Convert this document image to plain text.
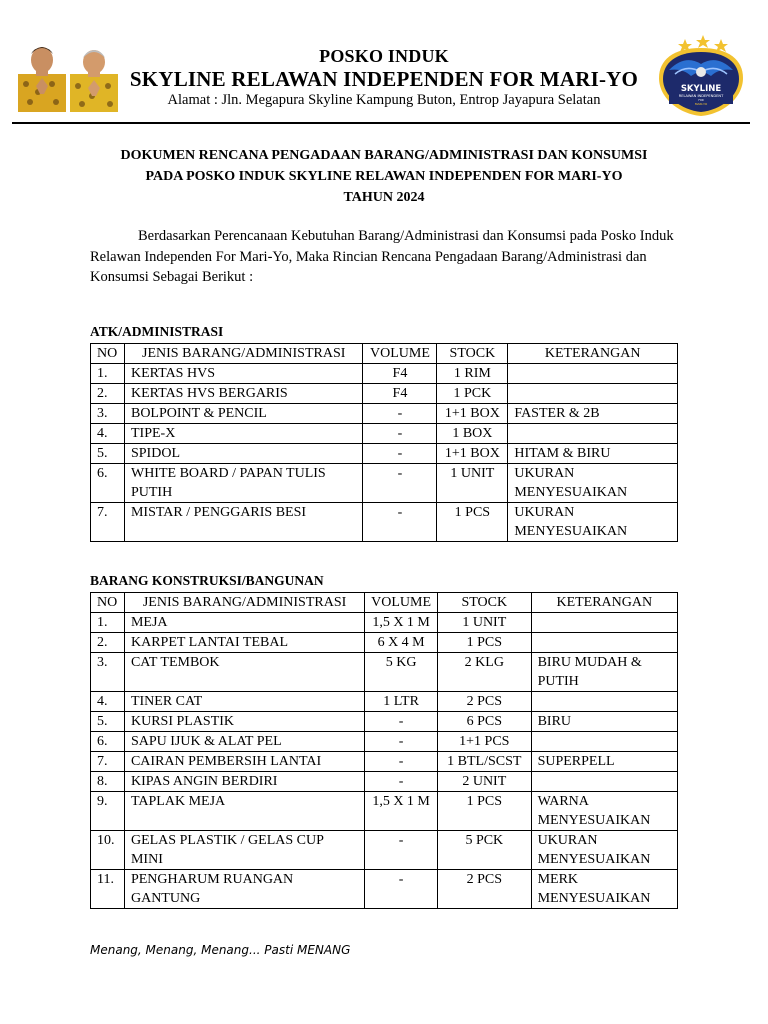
SKYLINE
RELAWAN INDEPENDENT
FOR
MARI-YO
POSKO INDUK
SKYLINE RELAWAN INDEPENDEN FOR MARI-YO
Alamat : Jln. Megapura Skyline Kampung Buton, Entrop Jayapura Selatan
DOKUMEN RENCANA PENGADAAN BARANG/ADMINISTRASI DAN KONSUMSI
PADA POSKO INDUK SKYLINE RELAWAN INDEPENDEN FOR MARI-YO
TAHUN 2024
Berdasarkan Perencanaan Kebutuhan Barang/Administrasi dan Konsumsi pada Posko Induk Relawan Independen For Mari-Yo, Maka Rincian Rencana Pengadaan Barang/Administrasi dan Konsumsi Sebagai Berikut :
ATK/ADMINISTRASI
NO	JENIS BARANG/ADMINISTRASI	VOLUME	STOCK	KETERANGAN
1.	KERTAS HVS	F4	1 RIM	
2.	KERTAS HVS BERGARIS	F4	1 PCK	
3.	BOLPOINT & PENCIL	-	1+1 BOX	FASTER & 2B
4.	TIPE-X	-	1 BOX	
5.	SPIDOL	-	1+1 BOX	HITAM & BIRU
6.	WHITE BOARD / PAPAN TULIS PUTIH	-	1 UNIT	UKURAN MENYESUAIKAN
7.	MISTAR / PENGGARIS BESI	-	1 PCS	UKURAN MENYESUAIKAN
BARANG KONSTRUKSI/BANGUNAN
NO	JENIS BARANG/ADMINISTRASI	VOLUME	STOCK	KETERANGAN
1.	MEJA	1,5 X 1 M	1 UNIT	
2.	KARPET LANTAI TEBAL	6 X 4 M	1 PCS	
3.	CAT TEMBOK	5 KG	2 KLG	BIRU MUDAH & PUTIH
4.	TINER CAT	1 LTR	2 PCS	
5.	KURSI PLASTIK	-	6 PCS	BIRU
6.	SAPU IJUK & ALAT PEL	-	1+1 PCS	
7.	CAIRAN PEMBERSIH LANTAI	-	1 BTL/SCST	SUPERPELL
8.	KIPAS ANGIN BERDIRI	-	2 UNIT	
9.	TAPLAK MEJA	1,5 X 1 M	1 PCS	WARNA MENYESUAIKAN
10.	GELAS PLASTIK / GELAS CUP MINI	-	5 PCK	UKURAN MENYESUAIKAN
11.	PENGHARUM RUANGAN GANTUNG	-	2 PCS	MERK MENYESUAIKAN
Menang, Menang, Menang... Pasti MENANG
